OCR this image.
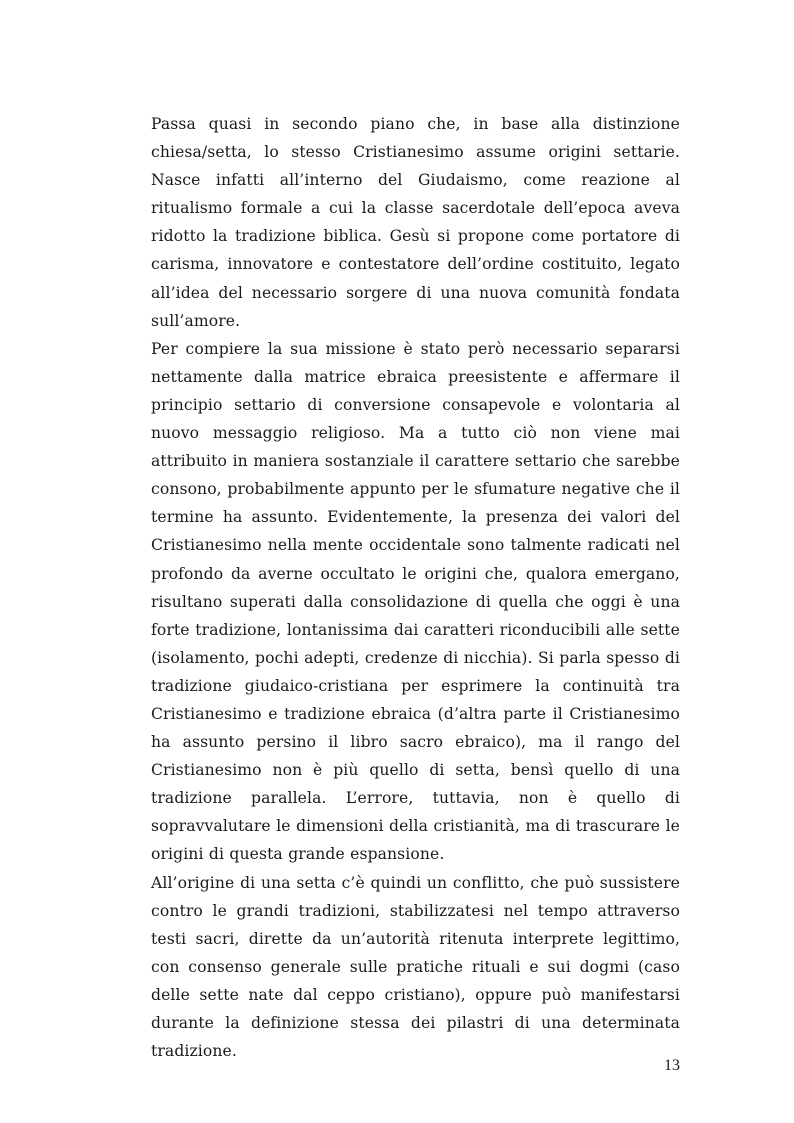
Passa quasi in secondo piano che, in base alla distinzione chiesa/setta, lo stesso Cristianesimo assume origini settarie. Nasce infatti all’interno del Giudaismo, come reazione al ritualismo formale a cui la classe sacerdotale dell’epoca aveva ridotto la tradizione biblica. Gesù si propone come portatore di carisma, innovatore e contestatore dell’ordine costituito, legato all’idea del necessario sorgere di una nuova comunità fondata sull’amore.

Per compiere la sua missione è stato però necessario separarsi nettamente dalla matrice ebraica preesistente e affermare il principio settario di conversione consapevole e volontaria al nuovo messaggio religioso. Ma a tutto ciò non viene mai attribuito in maniera sostanziale il carattere settario che sarebbe consono, probabilmente appunto per le sfumature negative che il termine ha assunto. Evidentemente, la presenza dei valori del Cristianesimo nella mente occidentale sono talmente radicati nel profondo da averne occultato le origini che, qualora emergano, risultano superati dalla consolidazione di quella che oggi è una forte tradizione, lontanissima dai caratteri riconducibili alle sette (isolamento, pochi adepti, credenze di nicchia). Si parla spesso di tradizione giudaico-cristiana per esprimere la continuità tra Cristianesimo e tradizione ebraica (d’altra parte il Cristianesimo ha assunto persino il libro sacro ebraico), ma il rango del Cristianesimo non è più quello di setta, bensì quello di una tradizione parallela. L’errore, tuttavia, non è quello di sopravvalutare le dimensioni della cristianità, ma di trascurare le origini di questa grande espansione.

All’origine di una setta c’è quindi un conflitto, che può sussistere contro le grandi tradizioni, stabilizzatesi nel tempo attraverso testi sacri, dirette da un’autorità ritenuta interprete legittimo, con consenso generale sulle pratiche rituali e sui dogmi (caso delle sette nate dal ceppo cristiano), oppure può manifestarsi durante la definizione stessa dei pilastri di una determinata tradizione.

13
